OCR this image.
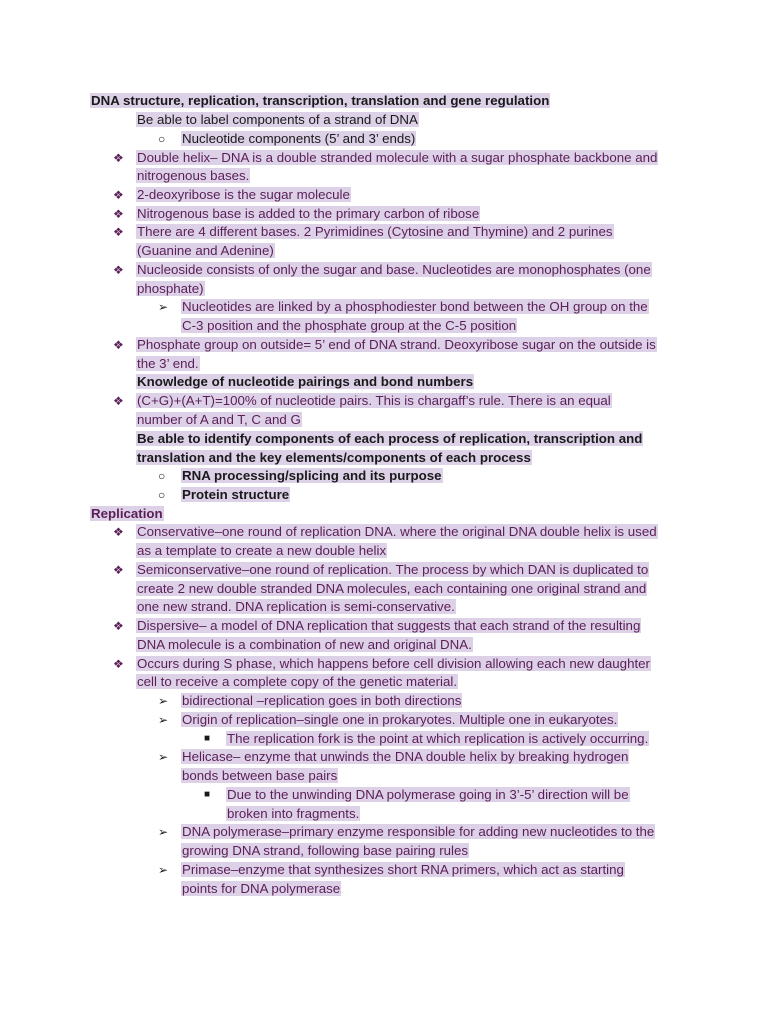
DNA structure, replication, transcription, translation and gene regulation
Be able to label components of a strand of DNA
○ Nucleotide components (5’ and 3’ ends)
❖ Double helix– DNA is a double stranded molecule with a sugar phosphate backbone and
nitrogenous bases.
❖ 2-deoxyribose is the sugar molecule
❖ Nitrogenous base is added to the primary carbon of ribose
❖ There are 4 different bases. 2 Pyrimidines (Cytosine and Thymine) and 2 purines
(Guanine and Adenine)
❖ Nucleoside consists of only the sugar and base. Nucleotides are monophosphates (one
phosphate)
➢ Nucleotides are linked by a phosphodiester bond between the OH group on the
C-3 position and the phosphate group at the C-5 position
❖ Phosphate group on outside= 5’ end of DNA strand. Deoxyribose sugar on the outside is
the 3’ end.
Knowledge of nucleotide pairings and bond numbers
❖ (C+G)+(A+T)=100% of nucleotide pairs. This is chargaff’s rule. There is an equal
number of A and T, C and G
Be able to identify components of each process of replication, transcription and
translation and the key elements/components of each process
○ RNA processing/splicing and its purpose
○ Protein structure
Replication
❖ Conservative–one round of replication DNA. where the original DNA double helix is used
as a template to create a new double helix
❖ Semiconservative–one round of replication. The process by which DAN is duplicated to
create 2 new double stranded DNA molecules, each containing one original strand and
one new strand. DNA replication is semi-conservative.
❖ Dispersive– a model of DNA replication that suggests that each strand of the resulting
DNA molecule is a combination of new and original DNA.
❖ Occurs during S phase, which happens before cell division allowing each new daughter
cell to receive a complete copy of the genetic material.
➢ bidirectional –replication goes in both directions
➢ Origin of replication–single one in prokaryotes. Multiple one in eukaryotes.
■ The replication fork is the point at which replication is actively occurring.
➢ Helicase– enzyme that unwinds the DNA double helix by breaking hydrogen
bonds between base pairs
■ Due to the unwinding DNA polymerase going in 3’-5’ direction will be
broken into fragments.
➢ DNA polymerase–primary enzyme responsible for adding new nucleotides to the
growing DNA strand, following base pairing rules
➢ Primase–enzyme that synthesizes short RNA primers, which act as starting
points for DNA polymerase
